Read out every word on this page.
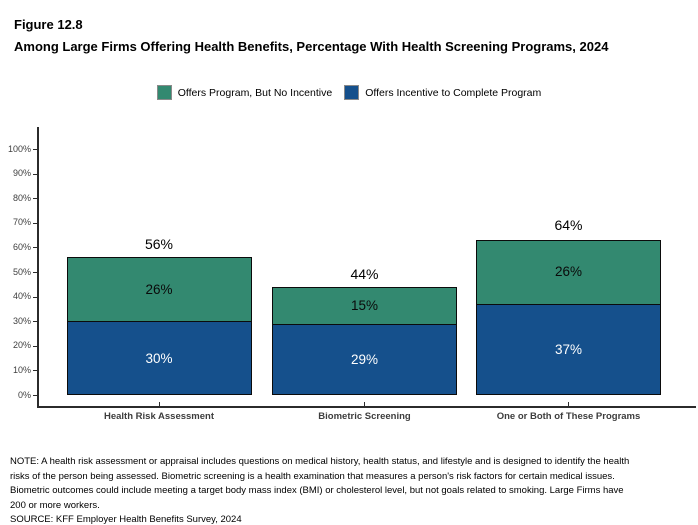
Figure 12.8
Among Large Firms Offering Health Benefits, Percentage With Health Screening Programs, 2024
Offers Program, But No Incentive	Offers Incentive to Complete Program
0%
10%
20%
30%
40%
50%
60%
70%
80%
90%
100%
30%
26%
56%
Health Risk Assessment
29%
15%
44%
Biometric Screening
37%
26%
64%
One or Both of These Programs

NOTE: A health risk assessment or appraisal includes questions on medical history, health status, and lifestyle and is designed to identify the health risks of the person being assessed. Biometric screening is a health examination that measures a person's risk factors for certain medical issues. Biometric outcomes could include meeting a target body mass index (BMI) or cholesterol level, but not goals related to smoking. Large Firms have 200 or more workers.

SOURCE: KFF Employer Health Benefits Survey, 2024
